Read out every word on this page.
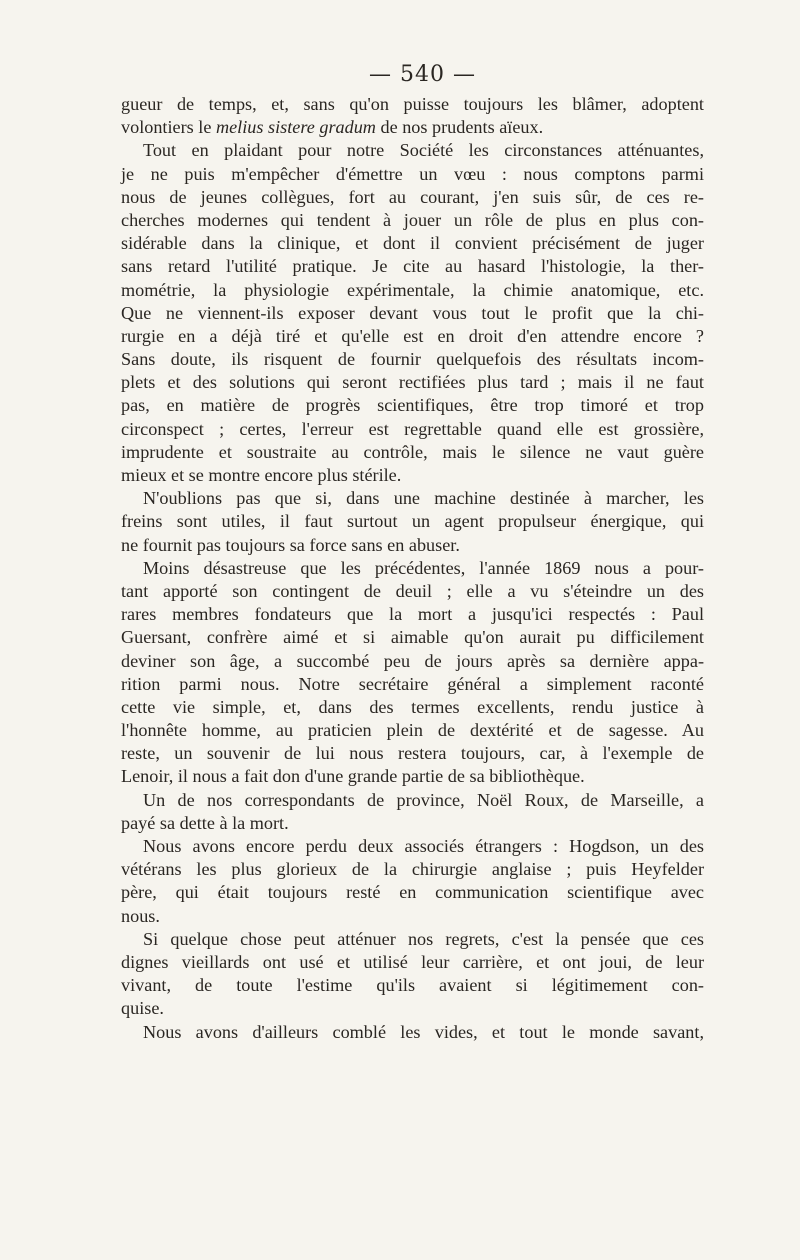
— 540 —
gueur de temps, et, sans qu'on puisse toujours les blâmer, adoptent
volontiers le melius sistere gradum de nos prudents aïeux.
Tout en plaidant pour notre Société les circonstances atténuantes,
je ne puis m'empêcher d'émettre un vœu : nous comptons parmi
nous de jeunes collègues, fort au courant, j'en suis sûr, de ces re-
cherches modernes qui tendent à jouer un rôle de plus en plus con-
sidérable dans la clinique, et dont il convient précisément de juger
sans retard l'utilité pratique. Je cite au hasard l'histologie, la ther-
mométrie, la physiologie expérimentale, la chimie anatomique, etc.
Que ne viennent-ils exposer devant vous tout le profit que la chi-
rurgie en a déjà tiré et qu'elle est en droit d'en attendre encore ?
Sans doute, ils risquent de fournir quelquefois des résultats incom-
plets et des solutions qui seront rectifiées plus tard ; mais il ne faut
pas, en matière de progrès scientifiques, être trop timoré et trop
circonspect ; certes, l'erreur est regrettable quand elle est grossière,
imprudente et soustraite au contrôle, mais le silence ne vaut guère
mieux et se montre encore plus stérile.
N'oublions pas que si, dans une machine destinée à marcher, les
freins sont utiles, il faut surtout un agent propulseur énergique, qui
ne fournit pas toujours sa force sans en abuser.
Moins désastreuse que les précédentes, l'année 1869 nous a pour-
tant apporté son contingent de deuil ; elle a vu s'éteindre un des
rares membres fondateurs que la mort a jusqu'ici respectés : Paul
Guersant, confrère aimé et si aimable qu'on aurait pu difficilement
deviner son âge, a succombé peu de jours après sa dernière appa-
rition parmi nous. Notre secrétaire général a simplement raconté
cette vie simple, et, dans des termes excellents, rendu justice à
l'honnête homme, au praticien plein de dextérité et de sagesse. Au
reste, un souvenir de lui nous restera toujours, car, à l'exemple de
Lenoir, il nous a fait don d'une grande partie de sa bibliothèque.
Un de nos correspondants de province, Noël Roux, de Marseille, a
payé sa dette à la mort.
Nous avons encore perdu deux associés étrangers : Hogdson, un des
vétérans les plus glorieux de la chirurgie anglaise ; puis Heyfelder
père, qui était toujours resté en communication scientifique avec
nous.
Si quelque chose peut atténuer nos regrets, c'est la pensée que ces
dignes vieillards ont usé et utilisé leur carrière, et ont joui, de leur
vivant, de toute l'estime qu'ils avaient si légitimement con-
quise.
Nous avons d'ailleurs comblé les vides, et tout le monde savant,
